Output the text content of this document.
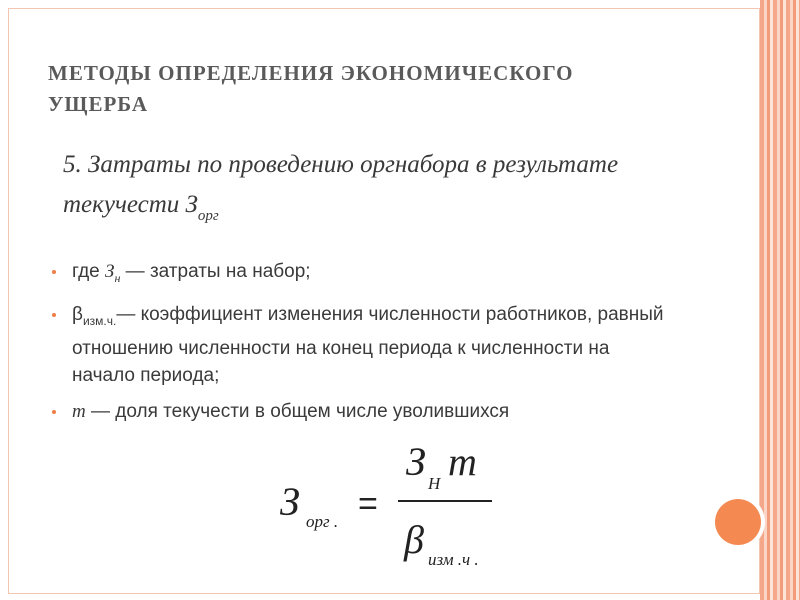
МЕТОДЫ ОПРЕДЕЛЕНИЯ ЭКОНОМИЧЕСКОГО
УЩЕРБА
5. Затраты по проведению оргнабора в результате текучести $З_{орг}$
где $З_н$ — затраты на набор;
$\beta_{изм.ч.}—$ коэффициент изменения численности работников, равный отношению численности на конец периода к численности на начало периода;
m — доля текучести в общем числе уволившихся
З орг . =
З Н m
β изм .ч .
